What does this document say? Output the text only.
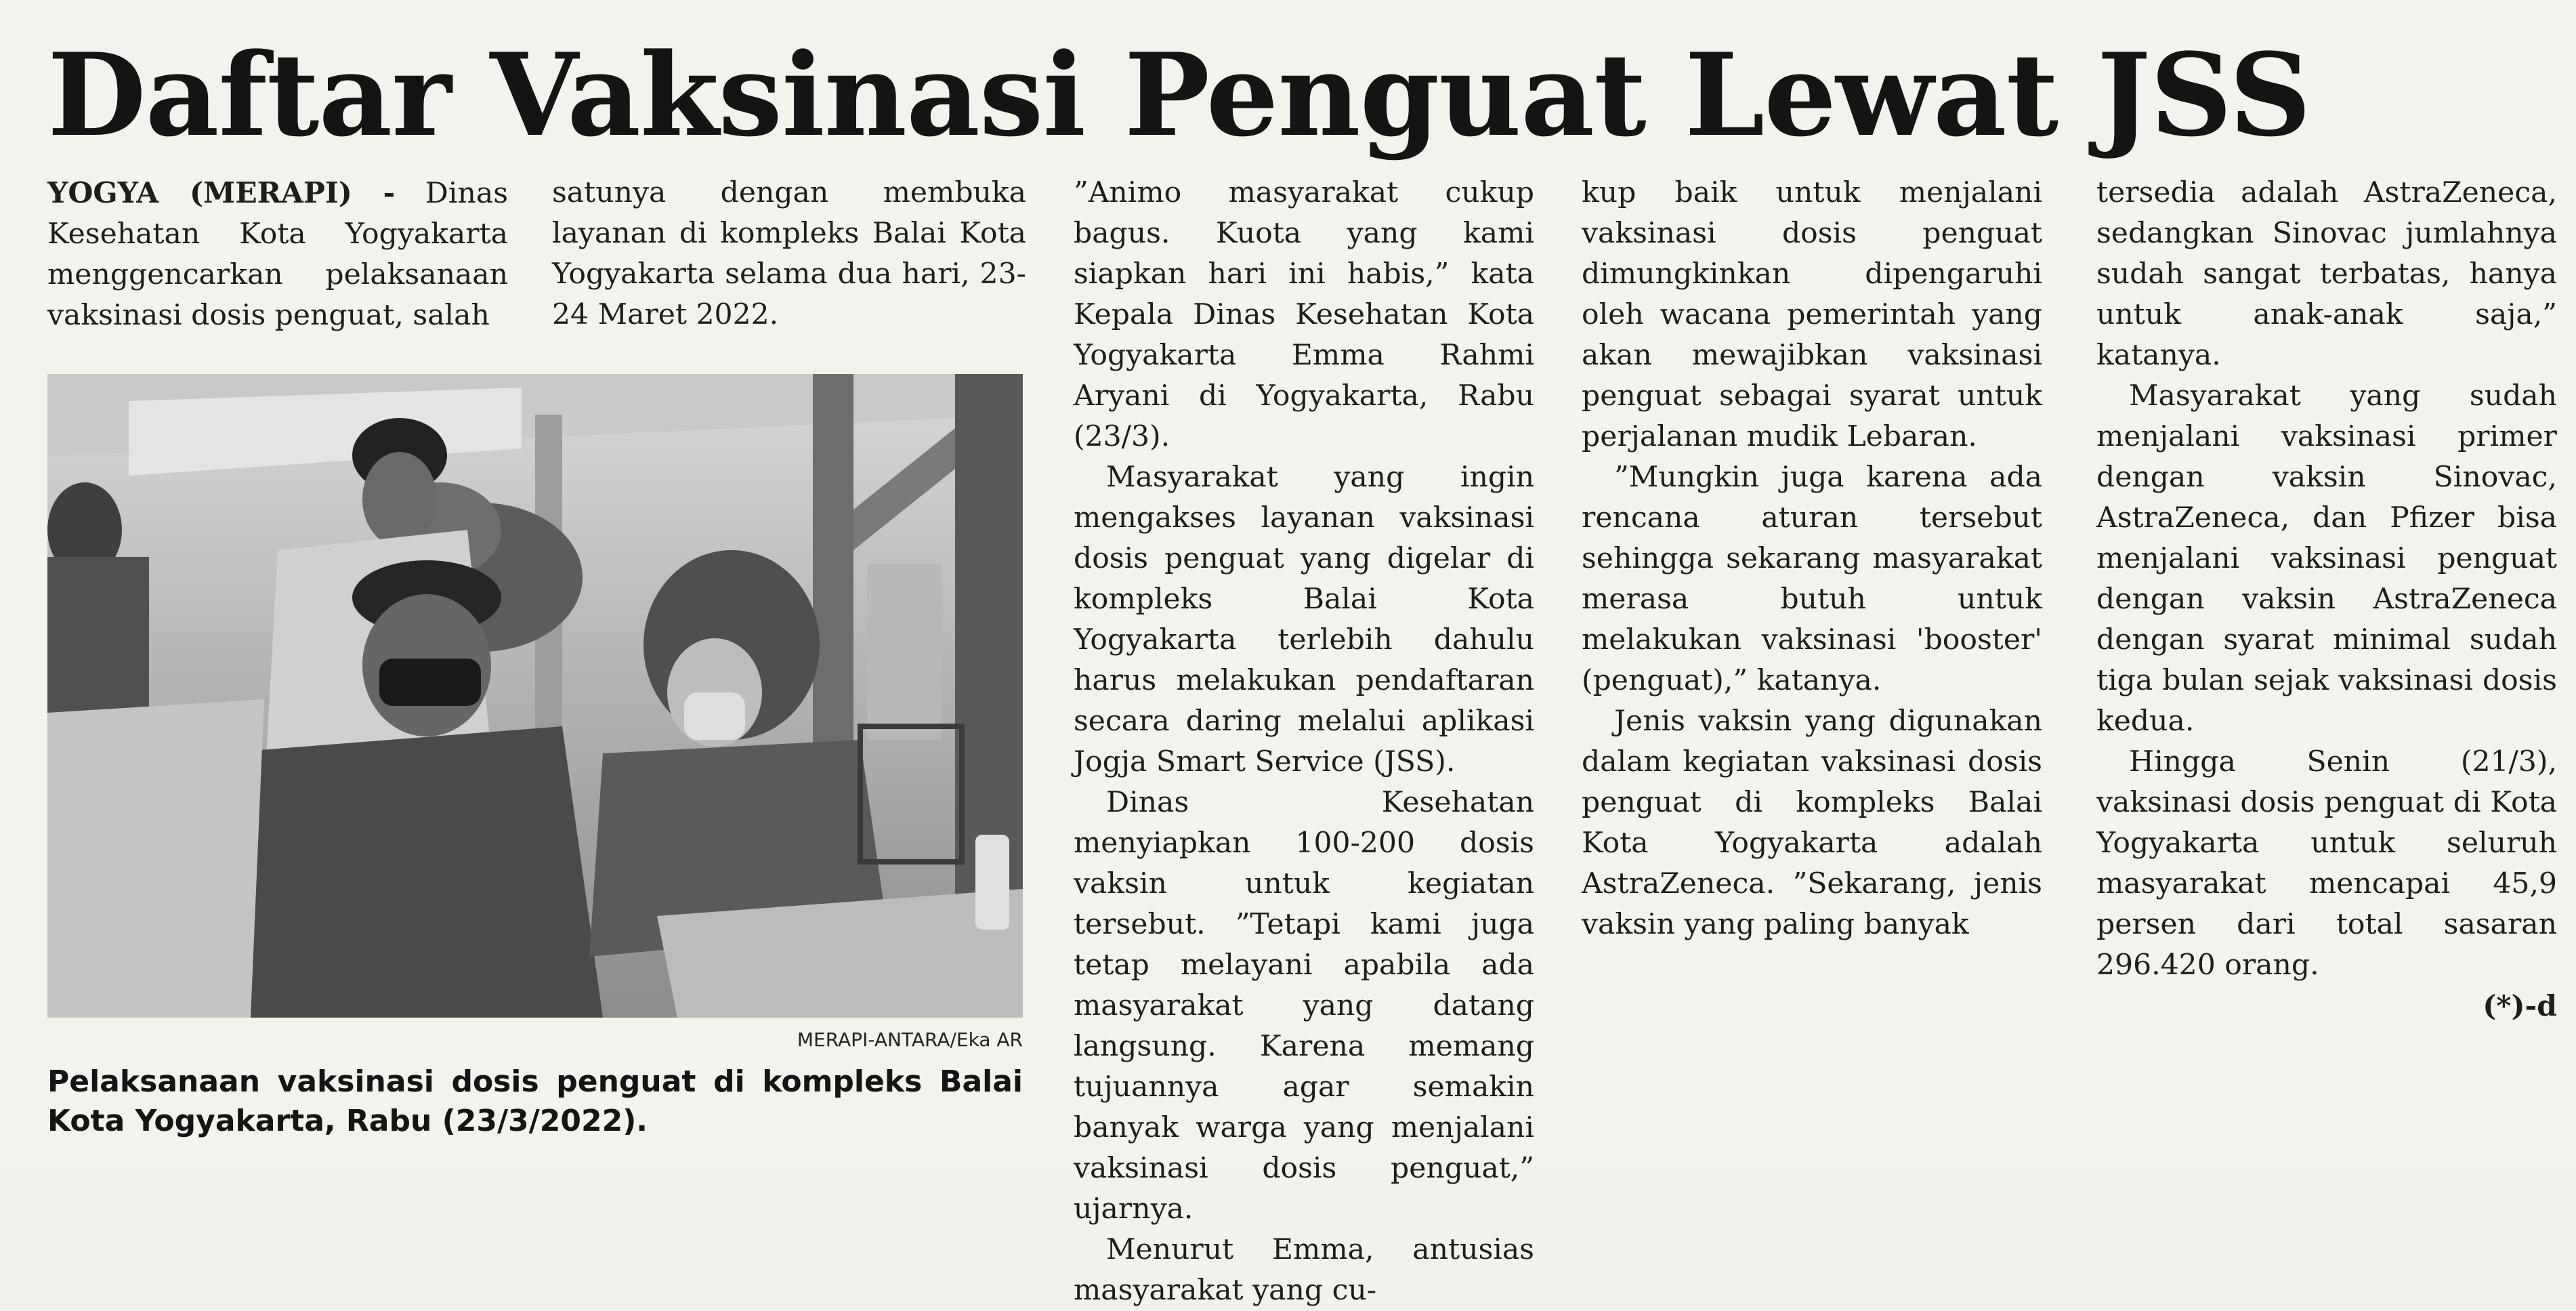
Daftar Vaksinasi Penguat Lewat JSS

YOGYA (MERAPI) - Dinas Kesehatan Kota Yogyakarta menggencarkan pelaksanaan vaksinasi dosis penguat, salah

satunya dengan membuka layanan di kompleks Balai Kota Yogyakarta selama dua hari, 23-24 Maret 2022.

MERAPI-ANTARA/Eka AR
Pelaksanaan vaksinasi dosis penguat di kompleks Balai Kota Yogyakarta, Rabu (23/3/2022).

”Animo masyarakat cukup bagus. Kuota yang kami siapkan hari ini habis,” kata Kepala Dinas Kesehatan Kota Yogyakarta Emma Rahmi Aryani di Yogyakarta, Rabu (23/3).

Masyarakat yang ingin mengakses layanan vaksinasi dosis penguat yang digelar di kompleks Balai Kota Yogyakarta terlebih dahulu harus melakukan pendaftaran secara daring melalui aplikasi Jogja Smart Service (JSS).

Dinas Kesehatan menyiapkan 100-200 dosis vaksin untuk kegiatan tersebut. ”Tetapi kami juga tetap melayani apabila ada masyarakat yang datang langsung. Karena memang tujuannya agar semakin banyak warga yang menjalani vaksinasi dosis penguat,” ujarnya.

Menurut Emma, antusias masyarakat yang cu-

kup baik untuk menjalani vaksinasi dosis penguat dimungkinkan dipengaruhi oleh wacana pemerintah yang akan mewajibkan vaksinasi penguat sebagai syarat untuk perjalanan mudik Lebaran.

”Mungkin juga karena ada rencana aturan tersebut sehingga sekarang masyarakat merasa butuh untuk melakukan vaksinasi 'booster' (penguat),” katanya.

Jenis vaksin yang digunakan dalam kegiatan vaksinasi dosis penguat di kompleks Balai Kota Yogyakarta adalah AstraZeneca. ”Sekarang, jenis vaksin yang paling banyak

tersedia adalah AstraZeneca, sedangkan Sinovac jumlahnya sudah sangat terbatas, hanya untuk anak-anak saja,” katanya.

Masyarakat yang sudah menjalani vaksinasi primer dengan vaksin Sinovac, AstraZeneca, dan Pfizer bisa menjalani vaksinasi penguat dengan vaksin AstraZeneca dengan syarat minimal sudah tiga bulan sejak vaksinasi dosis kedua.

Hingga Senin (21/3), vaksinasi dosis penguat di Kota Yogyakarta untuk seluruh masyarakat mencapai 45,9 persen dari total sasaran 296.420 orang.

(*)-d
